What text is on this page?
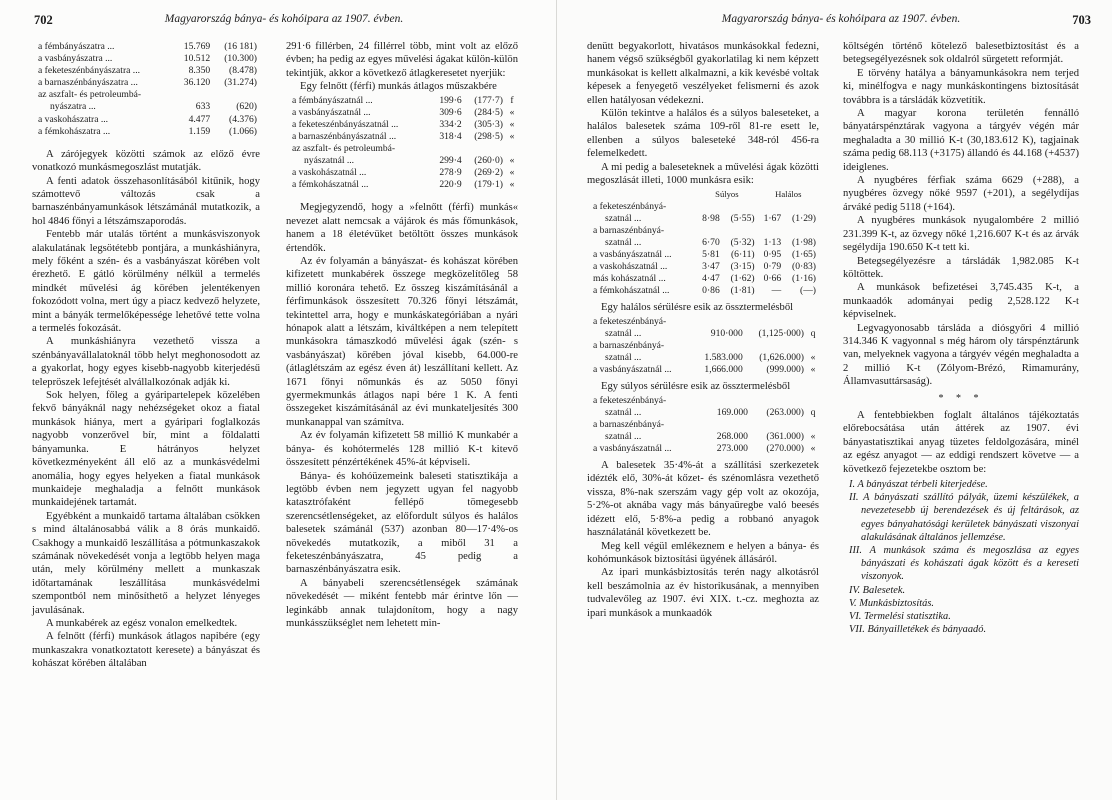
Magyarország bánya- és kohóipara az 1907. évben.
702
a fémbányászatra ...	15.769	(16 181)
a vasbányászatra ...	10.512	(10.300)
a feketeszénbányászatra ...	8.350	(8.478)
a barnaszénbányászatra ...	36.120	(31.274)
az aszfalt- és petroleumbá-		
nyászatra ...	633	(620)
a vaskohászatra ...	4.477	(4.376)
a fémkohászatra ...	1.159	(1.066)

A zárójegyek közötti számok az előző évre vonatkozó munkásmegoszlást mutatják.

A fenti adatok összehasonlításából kitűnik, hogy számottevő változás csak a barnaszénbányamunkások létszámánál mutatkozik, a hol 4846 főnyi a létszámszaporodás.

Fentebb már utalás történt a munkásviszonyok alakulatának legsötétebb pontjára, a munkáshiányra, mely főként a szén- és a vasbányászat körében volt érezhető. E gátló körülmény nélkül a termelés mindkét művelési ág körében jelentékenyen fokozódott volna, mert úgy a piacz kedvező helyzete, mint a bányák termelőképessége lehetővé tette volna a termelés fokozását.

A munkáshiányra vezethető vissza a szénbányavállalatoknál több helyt meghonosodott az a gyakorlat, hogy egyes kisebb-nagyobb kiterjedésű telepröszek lefejtését alvállalkozónak adják ki.

Sok helyen, főleg a gyáripartelepek közelében fekvő bányáknál nagy nehézségeket okoz a fiatal munkások hiánya, mert a gyáripari foglalkozás nagyobb vonzerővel bír, mint a földalatti bányamunka. E hátrányos helyzet következményeként áll elő az a munkásvédelmi anomália, hogy egyes helyeken a fiatal munkások munkaideje meghaladja a felnőtt munkások munkaidejének tartamát.

Egyébként a munkaidő tartama általában csökken s mind általánosabbá válik a 8 órás munkaidő. Csakhogy a munkaidő leszállítása a pótmunkaszakok számának növekedését vonja a legtöbb helyen maga után, mely körülmény mellett a munkaszak időtartamának leszállítása munkásvédelmi szempontból nem minősíthető a helyzet lényeges javulásának.

A munkabérek az egész vonalon emelkedtek.

A felnőtt (férfi) munkások átlagos napibére (egy munkaszakra vonatkoztatott keresete) a bányászat és kohászat körében általában

291·6 fillérben, 24 fillérrel több, mint volt az előző évben; ha pedig az egyes művelési ágakat külön-külön tekintjük, akkor a következő átlagkeresetet nyerjük:

Egy felnőtt (férfi) munkás átlagos műszakbére

a fémbányászatnál ...	199·6	(177·7)	f
a vasbányászatnál ...	309·6	(284·5)	«
a feketeszénbányászatnál ...	334·2	(305·3)	«
a barnaszénbányászatnál ...	318·4	(298·5)	«
az aszfalt- és petroleumbá-			
nyászatnál ...	299·4	(260·0)	«
a vaskohászatnál ...	278·9	(269·2)	«
a fémkohászatnál ...	220·9	(179·1)	«

Megjegyzendő, hogy a »felnőtt (férfi) munkás« nevezet alatt nemcsak a vájárok és más főmunkások, hanem a 18 életévüket betöltött összes munkások értendők.

Az év folyamán a bányászat- és kohászat körében kifizetett munkabérek összege megközelítőleg 58 millió koronára tehető. Ez összeg kiszámításánál a férfimunkások összesített 70.326 főnyi létszámát, tekintettel arra, hogy e munkáskategóriában a nyári hónapok alatt a létszám, kiváltképen a nem telepített munkásokra támaszkodó művelési ágak (szén- s vasbányászat) körében jóval kisebb, 64.000-re (átlaglétszám az egész éven át) leszállítani kellett. Az 1671 főnyi nőmunkás és az 5050 főnyi gyermekmunkás átlagos napi bére 1 K. A fenti összegeket kiszámításánál az évi munkateljesítés 300 munkanappal van számítva.

Az év folyamán kifizetett 58 millió K munkabér a bánya- és kohótermelés 128 millió K-t kitevő összesített pénzértékének 45%-át képviseli.

Bánya- és kohóüzemeink baleseti statisztikája a legtöbb évben nem jegyzett ugyan fel nagyobb katasztrófaként fellépő tömegesebb szerencsétlenségeket, az előfordult súlyos és halálos balesetek számánál (537) azonban 80—17·4%-os növekedés mutatkozik, a miből 31 a feketeszénbányászatra, 45 pedig a barnaszénbányászatra esik.

A bányabeli szerencsétlenségek számának növekedését — miként fentebb már érintve lőn — leginkább annak tulajdonítom, hogy a nagy munkásszükséglet nem lehetett min-

Magyarország bánya- és kohóipara az 1907. évben.	703

denütt begyakorlott, hivatásos munkásokkal fedezni, hanem végső szükségből gyakorlatilag ki nem képzett munkásokat is kellett alkalmazni, a kik kevésbé voltak képesek a fenyegető veszélyeket felismerni és azok ellen hatályosan védekezni.

Külön tekintve a halálos és a súlyos baleseteket, a halálos balesetek száma 109-ről 81-re esett le, ellenben a súlyos baleseteké 348-ról 456-ra felemelkedett.

A mi pedig a baleseteknek a művelési ágak közötti megoszlását illeti, 1000 munkásra esik:

	Súlyos		Halálos	
a feketeszénbányá-				
szatnál ...	8·98	(5·55)	1·67	(1·29)
a barnaszénbányá-				
szatnál ...	6·70	(5·32)	1·13	(1·98)
a vasbányászatnál ...	5·81	(6·11)	0·95	(1·65)
a vaskohászatnál ...	3·47	(3·15)	0·79	(0·83)
más kohászatnál ...	4·47	(1·62)	0·66	(1·16)
a fémkohászatnál ...	0·86	(1·81)	—	(—)

Egy halálos sérülésre esik az össztermelésből

a feketeszénbányá-			
szatnál ...	910·000	(1,125·000)	q
a barnaszénbányá-			
szatnál ...	1.583.000	(1,626.000)	«
a vasbányászatnál ...	1,666.000	(999.000)	«

Egy súlyos sérülésre esik az össztermelésből

a feketeszénbányá-			
szatnál ...	169.000	(263.000)	q
a barnaszénbányá-			
szatnál ...	268.000	(361.000)	«
a vasbányászatnál ...	273.000	(270.000)	«

A balesetek 35·4%-át a szállítási szerkezetek idézték elő, 30%-át kőzet- és szénomlásra vezethető vissza, 8%-nak szerszám vagy gép volt az okozója, 5·2%-ot aknába vagy más bányaüregbe való beesés idézett elő, 5·8%-a pedig a robbanó anyagok használatánál következett be.

Meg kell végül emlékeznem e helyen a bánya- és kohómunkások biztosítási ügyének állásáról.

Az ipari munkásbiztosítás terén nagy alkotásról kell beszámolnia az év historikusának, a mennyiben tudvalevőleg az 1907. évi XIX. t.-cz. meghozta az ipari munkások a munkaadók

költségén történő kötelező balesetbiztosítást és a betegsegélyezésnek sok oldalról sürgetett reformját.

E törvény hatálya a bányamunkásokra nem terjed ki, minélfogva e nagy munkáskontingens biztosítását továbbra is a társládák közvetítik.

A magyar korona területén fennálló bányatárspénztárak vagyona a tárgyév végén már meghaladta a 30 millió K-t (30,183.612 K), tagjainak száma pedig 68.113 (+3175) állandó és 44.168 (+4537) ideiglenes.

A nyugbéres férfiak száma 6629 (+288), a nyugbéres özvegy nőké 9597 (+201), a segélydíjas árváké pedig 5118 (+164).

A nyugbéres munkások nyugalombére 2 millió 231.399 K-t, az özvegy nőké 1,216.607 K-t és az árvák segélydíja 190.650 K-t tett ki.

Betegsegélyezésre a társládák 1,982.085 K-t költöttek.

A munkások befizetései 3,745.435 K-t, a munkaadók adományai pedig 2,528.122 K-t képviselnek.

Legvagyonosabb társláda a diósgyőri 4 millió 314.346 K vagyonnal s még három oly társpénztárunk van, melyeknek vagyona a tárgyév végén meghaladta a 2 millió K-t (Zólyom-Brézó, Rimamurány, Államvasuttársaság).

* * *

A fentebbiekben foglalt általános tájékoztatás előrebocsátása után áttérek az 1907. évi bányastatisztikai anyag tüzetes feldolgozására, minél az egész anyagot — az eddigi rendszert követve — a következő fejezetekbe osztom be:

I. A bányászat térbeli kiterjedése.
II. A bányászati szállító pályák, üzemi készülékek, a nevezetesebb új berendezések és új feltárások, az egyes bányahatósági kerületek bányászati viszonyai alakulásának általános jellemzése.
III. A munkások száma és megoszlása az egyes bányászati és kohászati ágak között és a kereseti viszonyok.
IV. Balesetek.
V. Munkásbiztosítás.
VI. Termelési statisztika.
VII. Bányailletékek és bányaadó.
